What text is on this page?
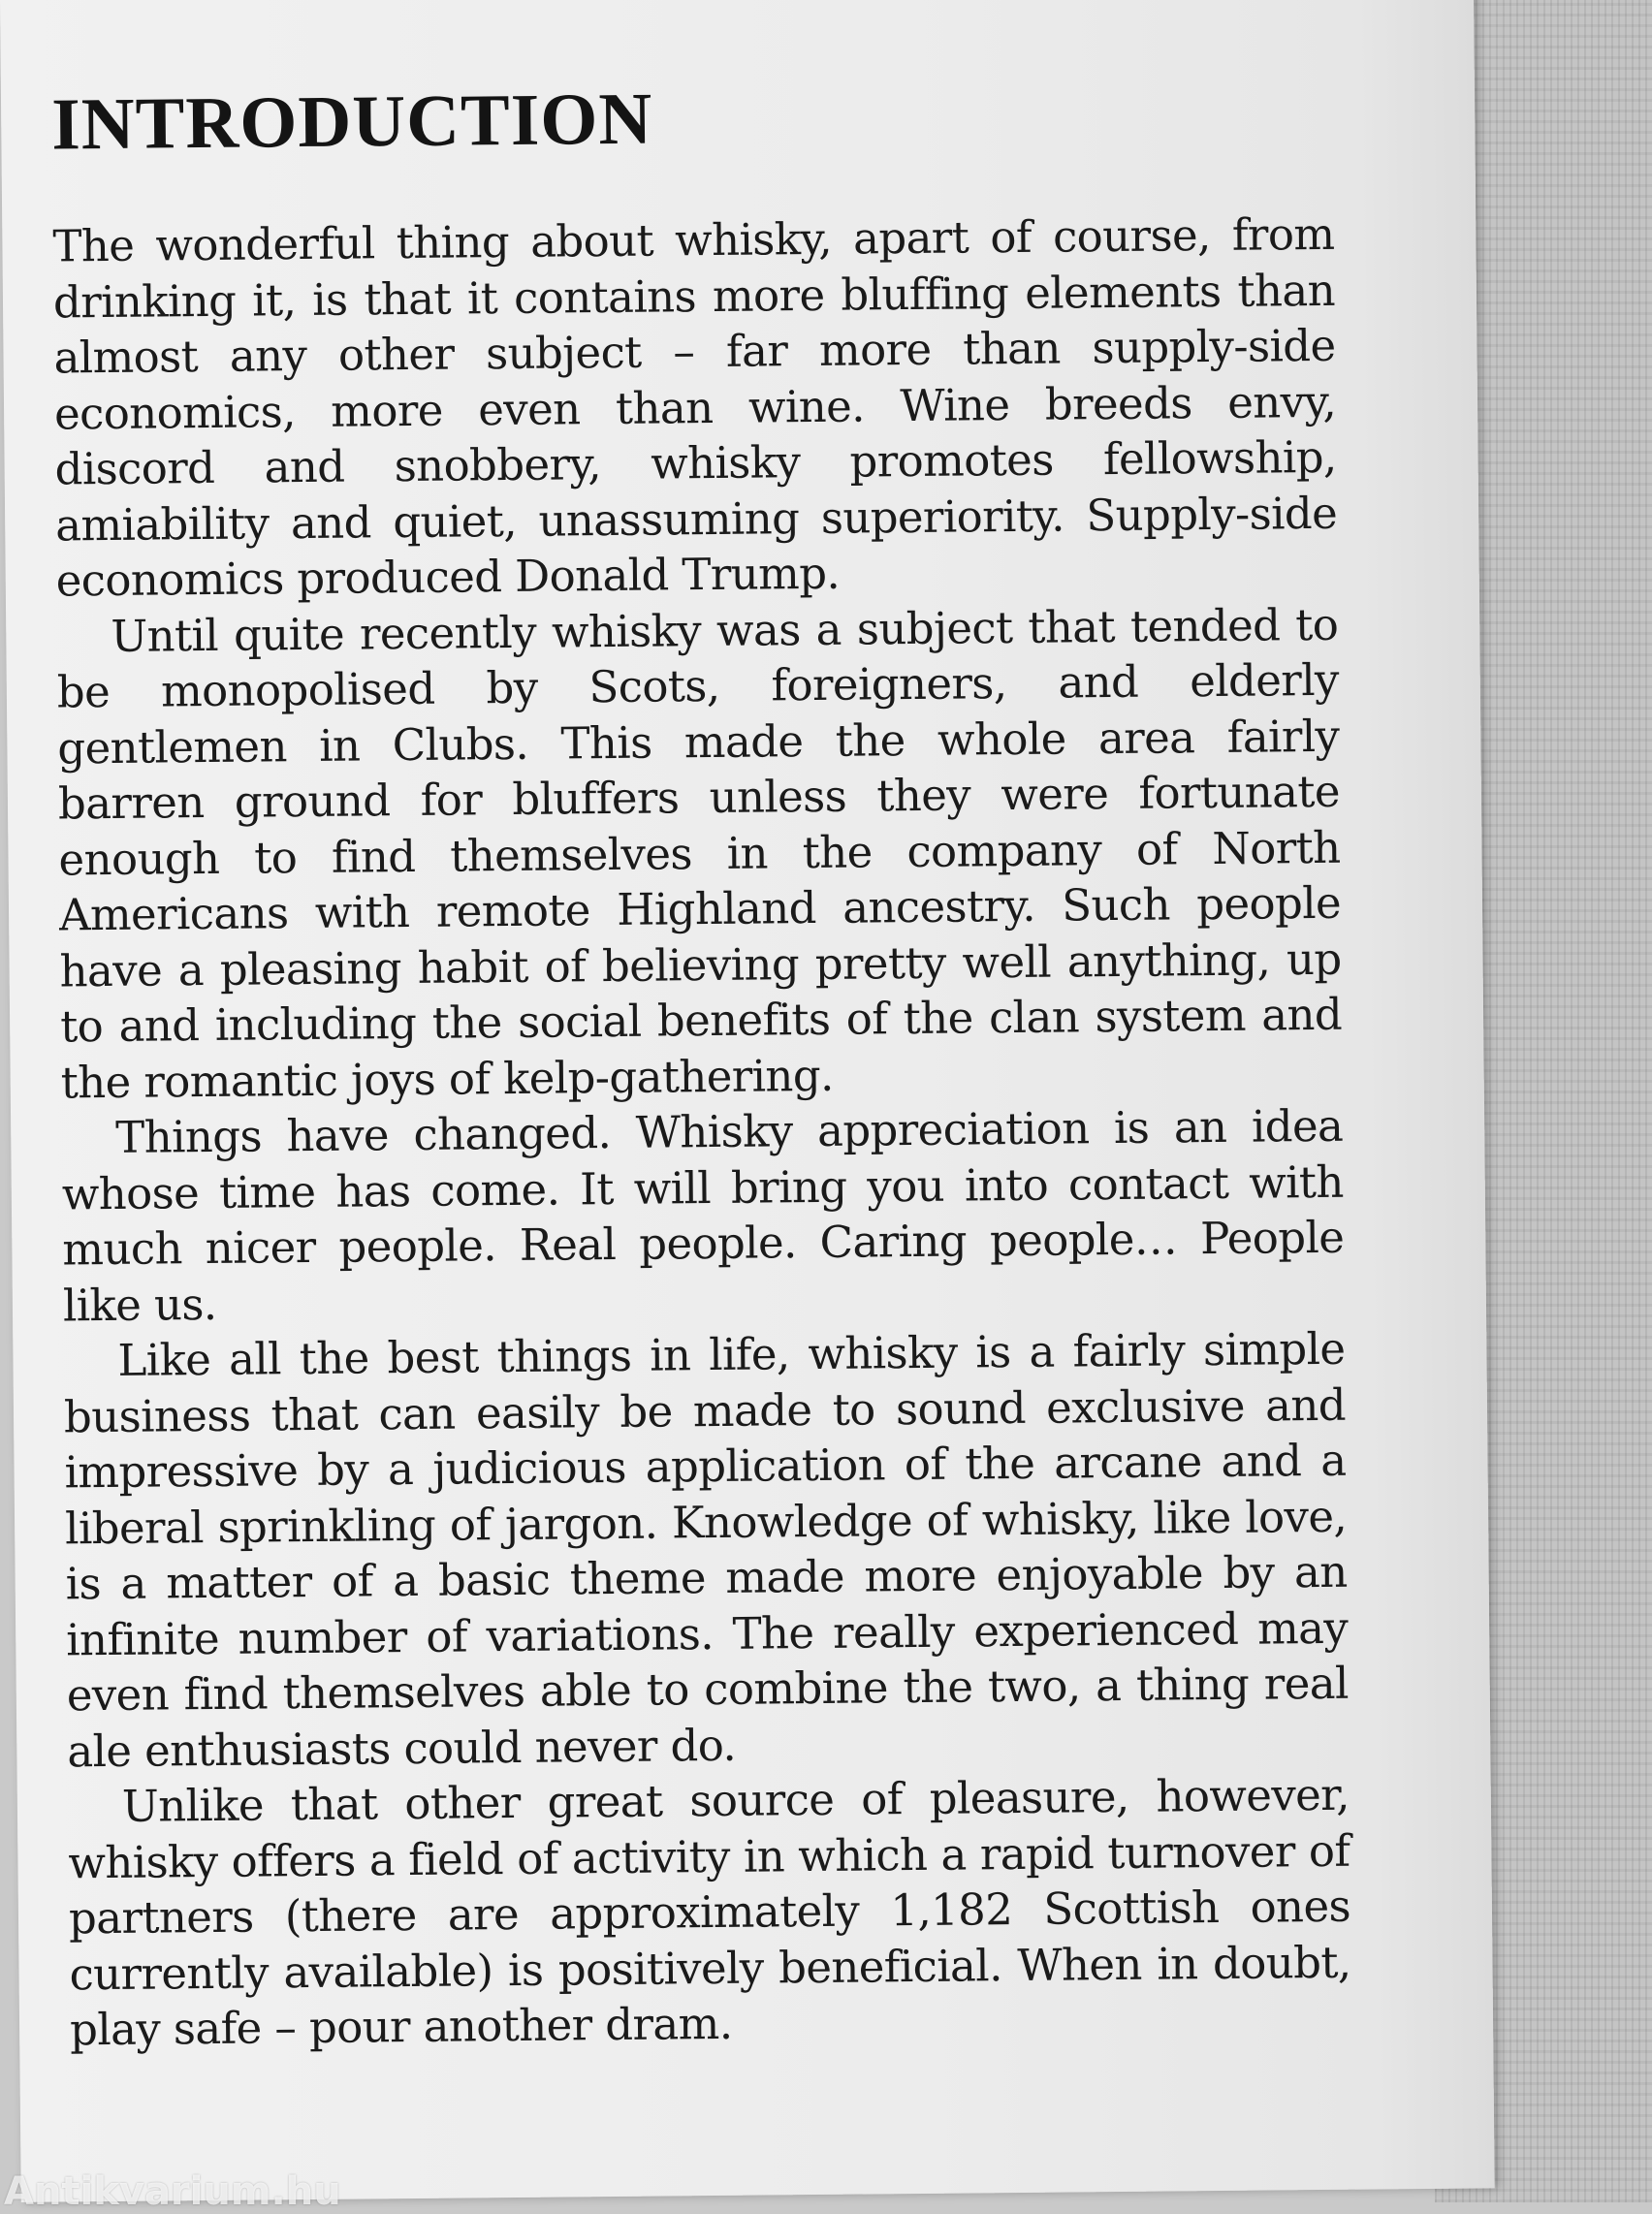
INTRODUCTION

The wonderful thing about whisky, apart of course, from drinking it, is that it contains more bluffing elements than almost any other subject – far more than supply-side economics, more even than wine. Wine breeds envy, discord and snobbery, whisky promotes fellowship, amiability and quiet, unassuming superiority. Supply-side economics produced Donald Trump.

Until quite recently whisky was a subject that tended to be monopolised by Scots, foreigners, and elderly gentlemen in Clubs. This made the whole area fairly barren ground for bluffers unless they were fortunate enough to find themselves in the company of North Americans with remote Highland ancestry. Such people have a pleasing habit of believing pretty well anything, up to and including the social benefits of the clan system and the romantic joys of kelp-gathering.

Things have changed. Whisky appreciation is an idea whose time has come. It will bring you into contact with much nicer people. Real people. Caring people… People like us.

Like all the best things in life, whisky is a fairly simple business that can easily be made to sound exclusive and impressive by a judicious application of the arcane and a liberal sprinkling of jargon. Knowledge of whisky, like love, is a matter of a basic theme made more enjoyable by an infinite number of variations. The really experienced may even find themselves able to combine the two, a thing real ale enthusiasts could never do.

Unlike that other great source of pleasure, however, whisky offers a field of activity in which a rapid turnover of partners (there are approximately 1,182 Scottish ones currently available) is positively beneficial. When in doubt, play safe – pour another dram.

Antikvarium.hu
